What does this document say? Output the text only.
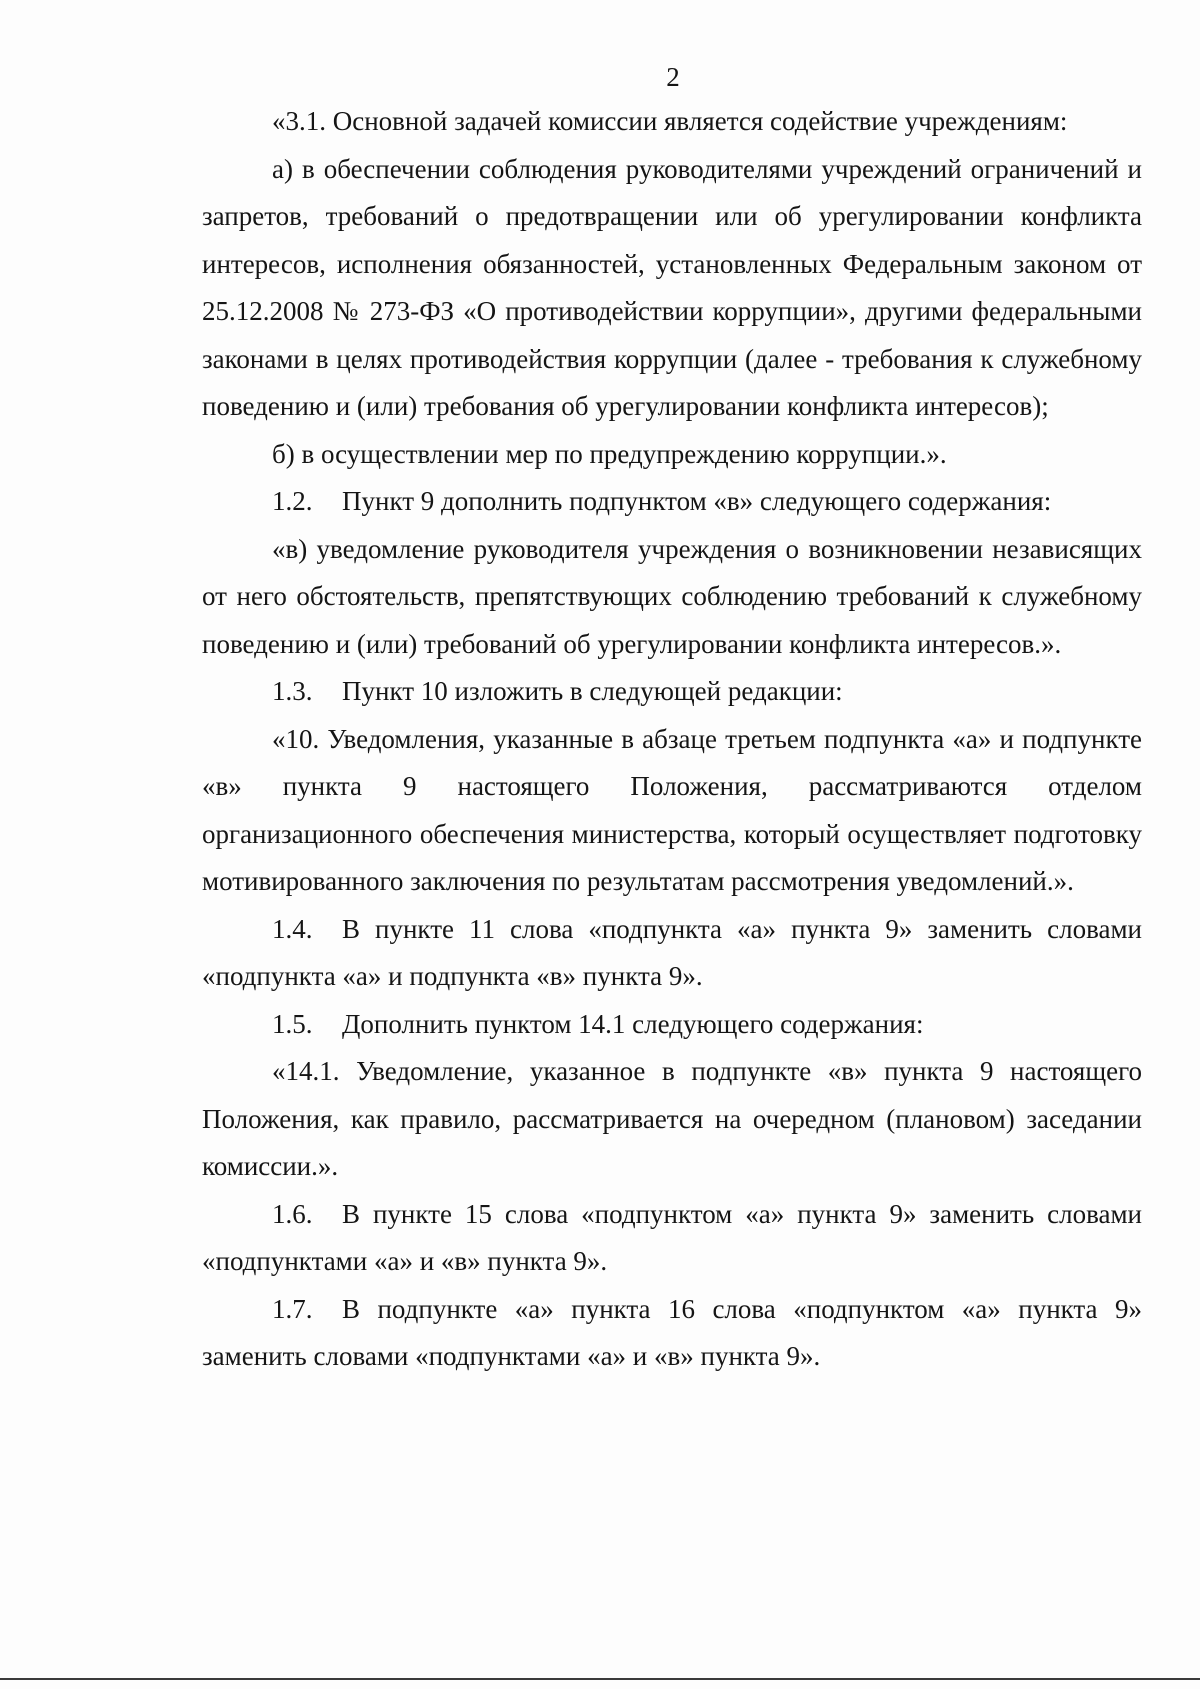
2

«3.1. Основной задачей комиссии является содействие учреждениям:

а) в обеспечении соблюдения руководителями учреждений ограничений и запретов, требований о предотвращении или об урегулировании конфликта интересов, исполнения обязанностей, установленных Федеральным законом от 25.12.2008 № 273-ФЗ «О противодействии коррупции», другими федеральными законами в целях противодействия коррупции (далее - требования к служебному поведению и (или) требования об урегулировании конфликта интересов);

б) в осуществлении мер по предупреждению коррупции.».

1.2. Пункт 9 дополнить подпунктом «в» следующего содержания:

«в) уведомление руководителя учреждения о возникновении независящих от него обстоятельств, препятствующих соблюдению требований к служебному поведению и (или) требований об урегулировании конфликта интересов.».

1.3. Пункт 10 изложить в следующей редакции:

«10. Уведомления, указанные в абзаце третьем подпункта «а» и подпункте «в» пункта 9 настоящего Положения, рассматриваются отделом организационного обеспечения министерства, который осуществляет подготовку мотивированного заключения по результатам рассмотрения уведомлений.».

1.4. В пункте 11 слова «подпункта «а» пункта 9» заменить словами «подпункта «а» и подпункта «в» пункта 9».

1.5. Дополнить пунктом 14.1 следующего содержания:

«14.1. Уведомление, указанное в подпункте «в» пункта 9 настоящего Положения, как правило, рассматривается на очередном (плановом) заседании комиссии.».

1.6. В пункте 15 слова «подпунктом «а» пункта 9» заменить словами «подпунктами «а» и «в» пункта 9».

1.7. В подпункте «а» пункта 16 слова «подпунктом «а» пункта 9» заменить словами «подпунктами «а» и «в» пункта 9».
